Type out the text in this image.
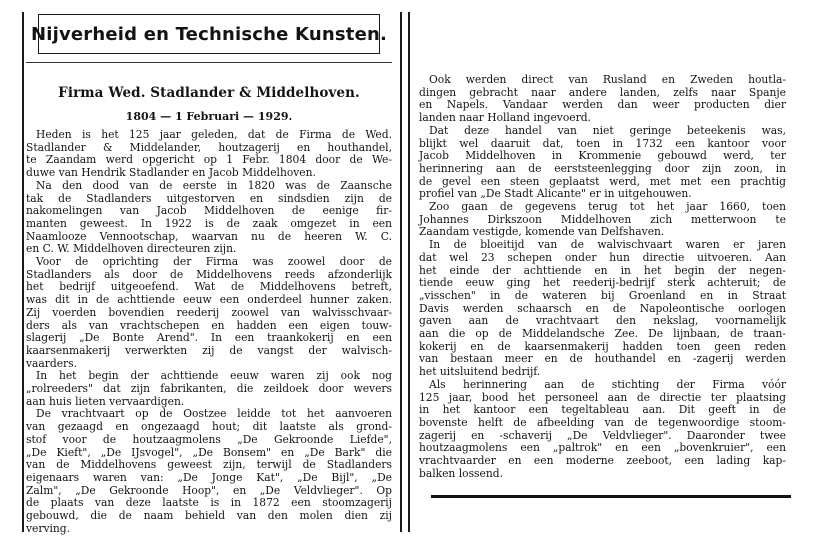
Nijverheid en Technische Kunsten.
Firma Wed. Stadlander & Middelhoven.
1804 — 1 Februari — 1929.

Heden is het 125 jaar geleden, dat de Firma de Wed.
Stadlander & Middelander, houtzagerij en houthandel,
te Zaandam werd opgericht op 1 Febr. 1804 door de We-
duwe van Hendrik Stadlander en Jacob Middelhoven.

Na den dood van de eerste in 1820 was de Zaansche
tak de Stadlanders uitgestorven en sindsdien zijn de
nakomelingen van Jacob Middelhoven de eenige fir-
manten geweest. In 1922 is de zaak omgezet in een
Naamlooze Vennootschap, waarvan nu de heeren W. C.
en C. W. Middelhoven directeuren zijn.

Voor de oprichting der Firma was zoowel door de
Stadlanders als door de Middelhovens reeds afzonderlijk
het bedrijf uitgeoefend. Wat de Middelhovens betreft,
was dit in de achttiende eeuw een onderdeel hunner zaken.
Zij voerden bovendien reederij zoowel van walvisschvaar-
ders als van vrachtschepen en hadden een eigen touw-
slagerij „De Bonte Arend". In een traankokerij en een
kaarsenmakerij verwerkten zij de vangst der walvisch-
vaarders.

In het begin der achttiende eeuw waren zij ook nog
„rolreeders" dat zijn fabrikanten, die zeildoek door wevers
aan huis lieten vervaardigen.

De vrachtvaart op de Oostzee leidde tot het aanvoeren
van gezaagd en ongezaagd hout; dit laatste als grond-
stof voor de houtzaagmolens „De Gekroonde Liefde",
„De Kieft", „De IJsvogel", „De Bonsem" en „De Bark" die
van de Middelhovens geweest zijn, terwijl de Stadlanders
eigenaars waren van: „De Jonge Kat", „De Bijl", „De
Zalm", „De Gekroonde Hoop", en „De Veldvlieger". Op
de plaats van deze laatste is in 1872 een stoomzagerij
gebouwd, die de naam behield van den molen dien zij
verving.

Ook werden direct van Rusland en Zweden houtla-
dingen gebracht naar andere landen, zelfs naar Spanje
en Napels. Vandaar werden dan weer producten dier
landen naar Holland ingevoerd.

Dat deze handel van niet geringe beteekenis was,
blijkt wel daaruit dat, toen in 1732 een kantoor voor
Jacob Middelhoven in Krommenie gebouwd werd, ter
herinnering aan de eerststeenlegging door zijn zoon, in
de gevel een steen geplaatst werd, met met een prachtig
profiel van „De Stadt Alicante" er in uitgehouwen.

Zoo gaan de gegevens terug tot het jaar 1660, toen
Johannes Dirkszoon Middelhoven zich metterwoon te
Zaandam vestigde, komende van Delfshaven.

In de bloeitijd van de walvischvaart waren er jaren
dat wel 23 schepen onder hun directie uitvoeren. Aan
het einde der achttiende en in het begin der negen-
tiende eeuw ging het reederij-bedrijf sterk achteruit; de
„visschen" in de wateren bij Groenland en in Straat
Davis werden schaarsch en de Napoleontische oorlogen
gaven aan de vrachtvaart den nekslag, voornamelijk
aan die op de Middelandsche Zee. De lijnbaan, de traan-
kokerij en de kaarsenmakerij hadden toen geen reden
van bestaan meer en de houthandel en -zagerij werden
het uitsluitend bedrijf.

Als herinnering aan de stichting der Firma vóór
125 jaar, bood het personeel aan de directie ter plaatsing
in het kantoor een tegeltableau aan. Dit geeft in de
bovenste helft de afbeelding van de tegenwoordige stoom-
zagerij en -schaverij „De Veldvlieger". Daaronder twee
houtzaagmolens een „paltrok" en een „bovenkruier", een
vrachtvaarder en een moderne zeeboot, een lading kap-
balken lossend.
